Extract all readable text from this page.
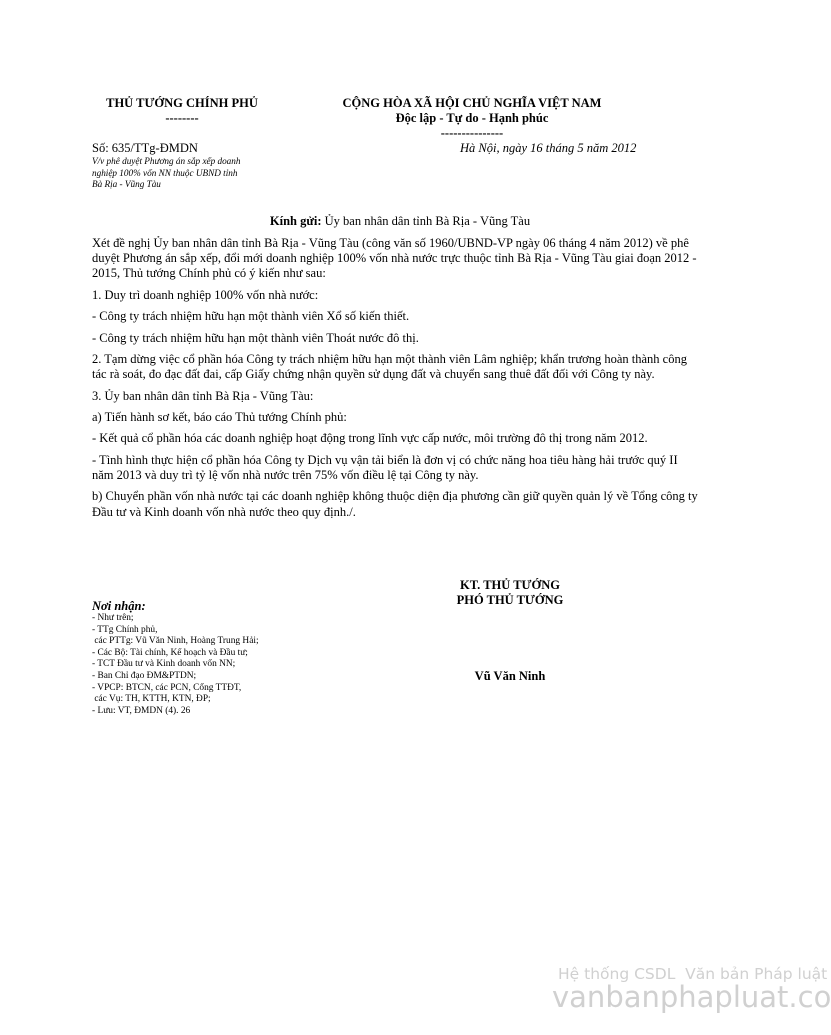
THỦ TƯỚNG CHÍNH PHỦ
--------
CỘNG HÒA XÃ HỘI CHỦ NGHĨA VIỆT NAM
Độc lập - Tự do - Hạnh phúc
---------------
Số: 635/TTg-ĐMDN	Hà Nội, ngày 16 tháng 5 năm 2012
V/v phê duyệt Phương án sắp xếp doanh
nghiệp 100% vốn NN thuộc UBND tỉnh
Bà Rịa - Vũng Tàu
Kính gửi: Ủy ban nhân dân tỉnh Bà Rịa - Vũng Tàu

Xét đề nghị Ủy ban nhân dân tỉnh Bà Rịa - Vũng Tàu (công văn số 1960/UBND-VP ngày 06 tháng 4 năm 2012) về phê duyệt Phương án sắp xếp, đổi mới doanh nghiệp 100% vốn nhà nước trực thuộc tỉnh Bà Rịa - Vũng Tàu giai đoạn 2012 - 2015, Thủ tướng Chính phủ có ý kiến như sau:

1. Duy trì doanh nghiệp 100% vốn nhà nước:

- Công ty trách nhiệm hữu hạn một thành viên Xổ số kiến thiết.

- Công ty trách nhiệm hữu hạn một thành viên Thoát nước đô thị.

2. Tạm dừng việc cổ phần hóa Công ty trách nhiệm hữu hạn một thành viên Lâm nghiệp; khẩn trương hoàn thành công tác rà soát, đo đạc đất đai, cấp Giấy chứng nhận quyền sử dụng đất và chuyển sang thuê đất đối với Công ty này.

3. Ủy ban nhân dân tỉnh Bà Rịa - Vũng Tàu:

a) Tiến hành sơ kết, báo cáo Thủ tướng Chính phủ:

- Kết quả cổ phần hóa các doanh nghiệp hoạt động trong lĩnh vực cấp nước, môi trường đô thị trong năm 2012.

- Tình hình thực hiện cổ phần hóa Công ty Dịch vụ vận tải biển là đơn vị có chức năng hoa tiêu hàng hải trước quý II năm 2013 và duy trì tỷ lệ vốn nhà nước trên 75% vốn điều lệ tại Công ty này.

b) Chuyển phần vốn nhà nước tại các doanh nghiệp không thuộc diện địa phương cần giữ quyền quản lý về Tổng công ty Đầu tư và Kinh doanh vốn nhà nước theo quy định./.

KT. THỦ TƯỚNG
PHÓ THỦ TƯỚNG
Vũ Văn Ninh
Nơi nhận:
- Như trên;
- TTg Chính phủ,
các PTTg: Vũ Văn Ninh, Hoàng Trung Hải;
- Các Bộ: Tài chính, Kế hoạch và Đầu tư;
- TCT Đầu tư và Kinh doanh vốn NN;
- Ban Chỉ đạo ĐM&PTDN;
- VPCP: BTCN, các PCN, Cổng TTĐT,
các Vụ: TH, KTTH, KTN, ĐP;
- Lưu: VT, ĐMDN (4). 26
Hệ thống CSDL  Văn bản Pháp luật
vanbanphapluat.co
